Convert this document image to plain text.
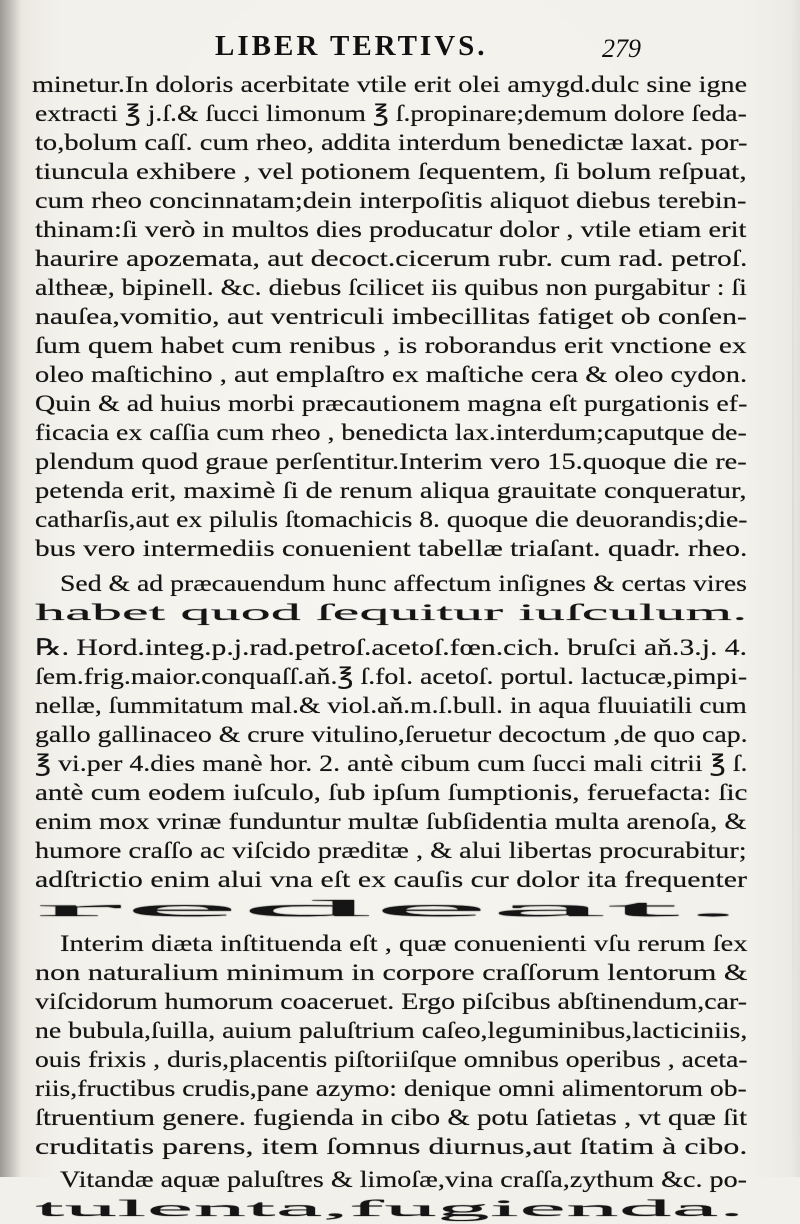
LIBER TERTIVS.	279
minetur.In doloris acerbitate vtile erit olei amygd.dulc sine igne
extracti ℥ j.ſ.& ſucci limonum ℥ ſ.propinare;demum dolore ſeda-
to,bolum caſſ. cum rheo, addita interdum benedictæ laxat. por-
tiuncula exhibere , vel potionem ſequentem, ſi bolum reſpuat,
cum rheo concinnatam;dein interpoſitis aliquot diebus terebin-
thinam:ſi verò in multos dies producatur dolor , vtile etiam erit
haurire apozemata, aut decoct.cicerum rubr. cum rad. petroſ.
altheæ, bipinell. &c. diebus ſcilicet iis quibus non purgabitur : ſi
nauſea,vomitio, aut ventriculi imbecillitas fatiget ob conſen-
ſum quem habet cum renibus , is roborandus erit vnctione ex
oleo maſtichino , aut emplaſtro ex maſtiche cera & oleo cydon.
Quin & ad huius morbi præcautionem magna eſt purgationis ef-
ficacia ex caſſia cum rheo , benedicta lax.interdum;caputque de-
plendum quod graue perſentitur.Interim vero 15.quoque die re-
petenda erit, maximè ſi de renum aliqua grauitate conqueratur,
catharſis,aut ex pilulis ſtomachicis 8. quoque die deuorandis;die-
bus vero intermediis conuenient tabellæ triaſant. quadr. rheo.
Sed & ad præcauendum hunc affectum inſignes & certas vires
habet quod ſequitur iuſculum.
℞. Hord.integ.p.j.rad.petroſ.acetoſ.fœn.cich. bruſci aň.3.j. 4.
ſem.frig.maior.conquaſſ.aň.℥ ſ.fol. acetoſ. portul. lactucæ,pimpi-
nellæ, ſummitatum mal.& viol.aň.m.ſ.bull. in aqua fluuiatili cum
gallo gallinaceo & crure vitulino,ſeruetur decoctum ,de quo cap.
℥ vi.per 4.dies manè hor. 2. antè cibum cum ſucci mali citrii ℥ ſ.
antè cum eodem iuſculo, ſub ipſum ſumptionis, feruefacta: ſic
enim mox vrinæ funduntur multæ ſubſidentia multa arenoſa, &
humore craſſo ac viſcido præditæ , & alui libertas procurabitur;
adſtrictio enim alui vna eſt ex cauſis cur dolor ita frequenter
redeat.
Interim diæta inſtituenda eſt , quæ conuenienti vſu rerum ſex
non naturalium minimum in corpore craſſorum lentorum &
viſcidorum humorum coaceruet. Ergo piſcibus abſtinendum,car-
ne bubula,ſuilla, auium paluſtrium caſeo,leguminibus,lacticiniis,
ouis frixis , duris,placentis piſtoriiſque omnibus operibus , aceta-
riis,fructibus crudis,pane azymo: denique omni alimentorum ob-
ſtruentium genere. fugienda in cibo & potu ſatietas , vt quæ ſit
cruditatis parens, item ſomnus diurnus,aut ſtatim à cibo.
Vitandæ aquæ paluſtres & limoſæ,vina craſſa,zythum &c. po-
tulenta,fugienda.
